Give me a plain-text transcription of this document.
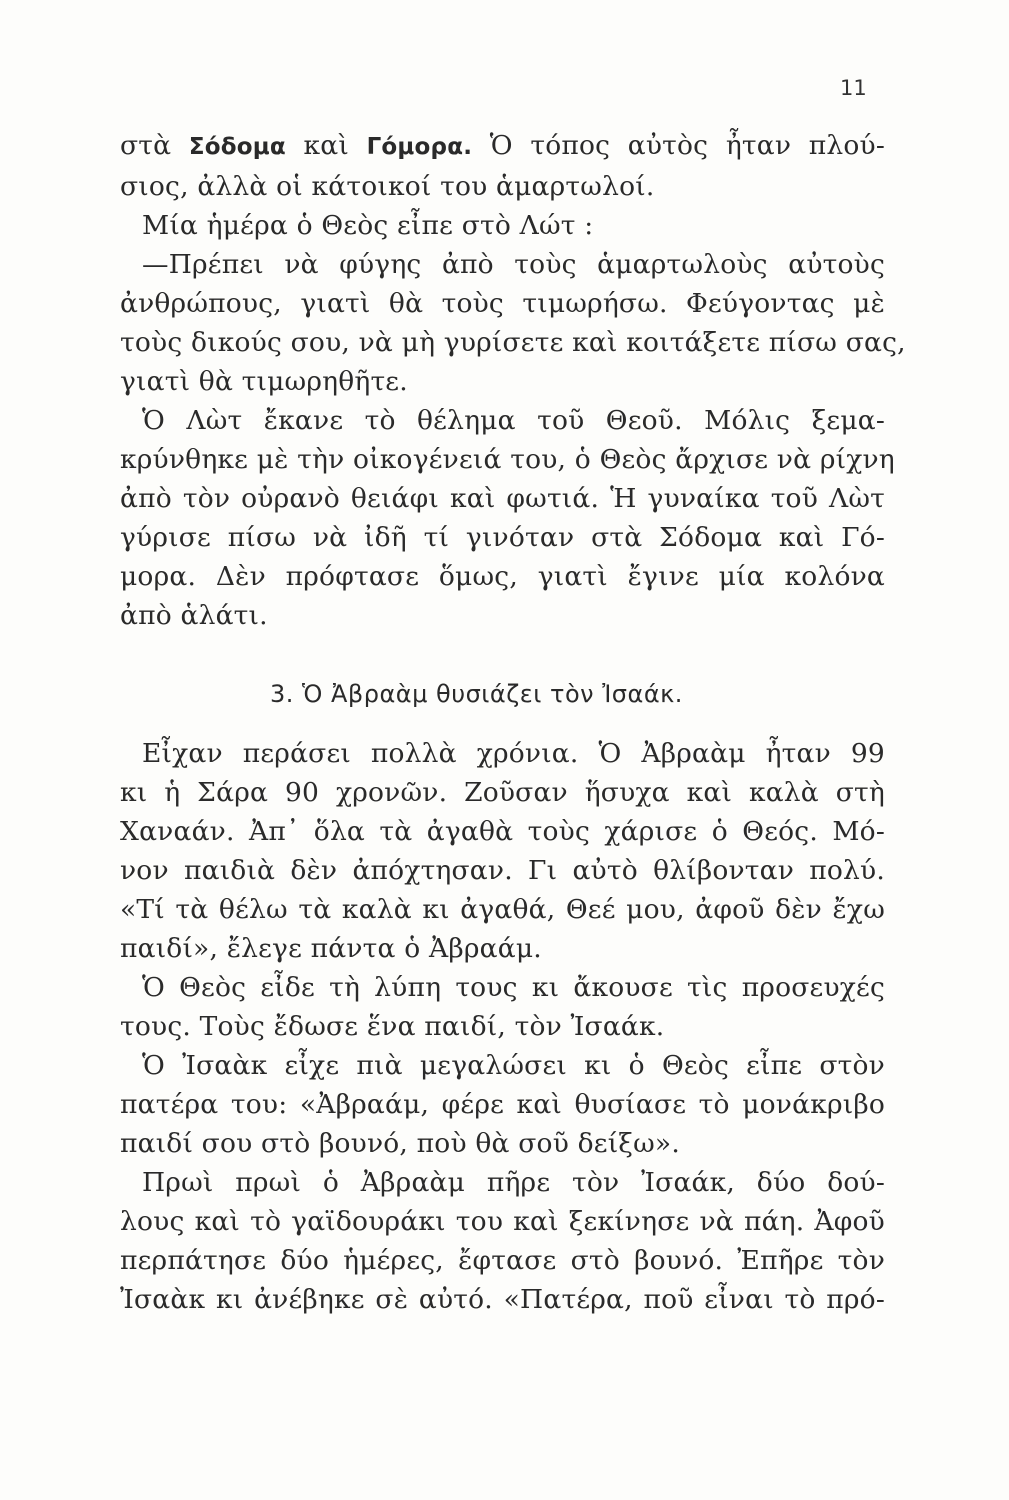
11
στὰ Σόδομα καὶ Γόμορα. Ὁ τόπος αὐτὸς ἦταν πλού-
σιος, ἀλλὰ οἱ κάτοικοί του ἁμαρτωλοί.
Μία ἡμέρα ὁ Θεὸς εἶπε στὸ Λώτ :
—Πρέπει νὰ φύγης ἀπὸ τοὺς ἁμαρτωλοὺς αὐτοὺς
ἀνθρώπους, γιατὶ θὰ τοὺς τιμωρήσω. Φεύγοντας μὲ
τοὺς δικούς σου, νὰ μὴ γυρίσετε καὶ κοιτάξετε πίσω σας,
γιατὶ θὰ τιμωρηθῆτε.
Ὁ Λὼτ ἔκανε τὸ θέλημα τοῦ Θεοῦ. Μόλις ξεμα-
κρύνθηκε μὲ τὴν οἰκογένειά του, ὁ Θεὸς ἄρχισε νὰ ρίχνη
ἀπὸ τὸν οὐρανὸ θειάφι καὶ φωτιά. Ἡ γυναίκα τοῦ Λὼτ
γύρισε πίσω νὰ ἰδῆ τί γινόταν στὰ Σόδομα καὶ Γό-
μορα. Δὲν πρόφτασε ὅμως, γιατὶ ἔγινε μία κολόνα
ἀπὸ ἁλάτι.
3. Ὁ Ἀβραὰμ θυσιάζει τὸν Ἰσαάκ.
Εἶχαν περάσει πολλὰ χρόνια. Ὁ Ἀβραὰμ ἦταν 99
κι ἡ Σάρα 90 χρονῶν. Ζοῦσαν ἥσυχα καὶ καλὰ στὴ
Χαναάν. Ἀπ᾿ ὅλα τὰ ἀγαθὰ τοὺς χάρισε ὁ Θεός. Μό-
νον παιδιὰ δὲν ἀπόχτησαν. Γι αὐτὸ θλίβονταν πολύ.
«Τί τὰ θέλω τὰ καλὰ κι ἀγαθά, Θεέ μου, ἀφοῦ δὲν ἔχω
παιδί», ἔλεγε πάντα ὁ Ἀβραάμ.
Ὁ Θεὸς εἶδε τὴ λύπη τους κι ἄκουσε τὶς προσευχές
τους. Τοὺς ἔδωσε ἕνα παιδί, τὸν Ἰσαάκ.
Ὁ Ἰσαὰκ εἶχε πιὰ μεγαλώσει κι ὁ Θεὸς εἶπε στὸν
πατέρα του: «Ἀβραάμ, φέρε καὶ θυσίασε τὸ μονάκριβο
παιδί σου στὸ βουνό, ποὺ θὰ σοῦ δείξω».
Πρωὶ πρωὶ ὁ Ἀβραὰμ πῆρε τὸν Ἰσαάκ, δύο δού-
λους καὶ τὸ γαϊδουράκι του καὶ ξεκίνησε νὰ πάη. Ἀφοῦ
περπάτησε δύο ἡμέρες, ἔφτασε στὸ βουνό. Ἐπῆρε τὸν
Ἰσαὰκ κι ἀνέβηκε σὲ αὐτό. «Πατέρα, ποῦ εἶναι τὸ πρό-
